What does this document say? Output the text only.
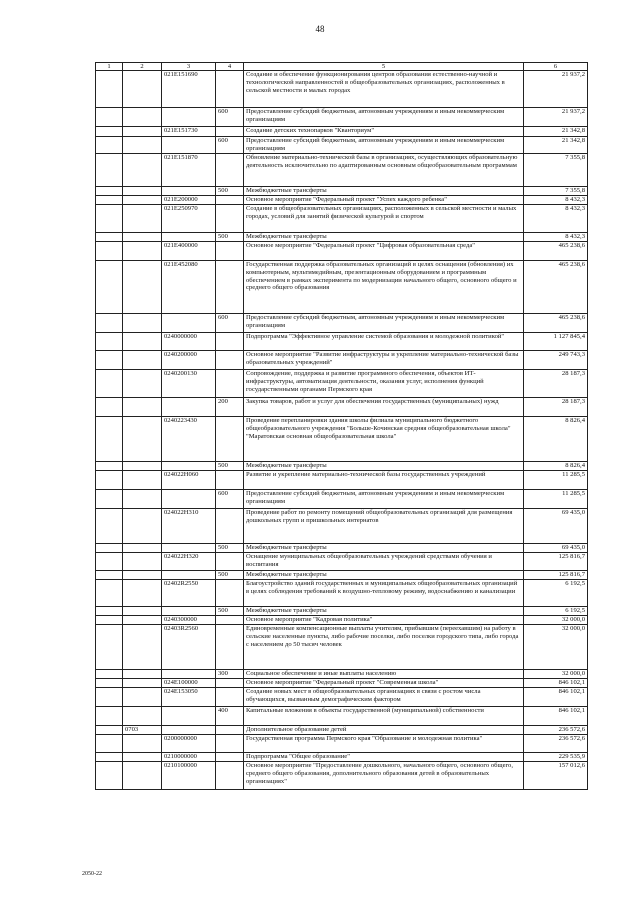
48
1	2	3	4	5	6
		021E151690		Создание и обеспечение функционирования центров образования естественно-научной и технологической направленностей в общеобразовательных организациях, расположенных в сельской местности и малых городах	21 937,2
			600	Предоставление субсидий бюджетным, автономным учреждениям и иным некоммерческим организациям	21 937,2
		021E151730		Создание детских технопарков "Кванториум"	21 342,8
			600	Предоставление субсидий бюджетным, автономным учреждениям и иным некоммерческим организациям	21 342,8
		021E151870		Обновление материально-технической базы в организациях, осуществляющих образовательную деятельность исключительно по адаптированным основным общеобразовательным программам	7 355,8
			500	Межбюджетные трансферты	7 355,8
		021E200000		Основное мероприятие "Федеральный проект "Успех каждого ребенка"	8 432,3
		021E250970		Создание в общеобразовательных организациях, расположенных в сельской местности и малых городах, условий для занятий физической культурой и спортом	8 432,3
			500	Межбюджетные трансферты	8 432,3
		021E400000		Основное мероприятие "Федеральный проект "Цифровая образовательная среда"	465 238,6
		021E452080		Государственная поддержка образовательных организаций в целях оснащения (обновления) их компьютерным, мультимедийным, презентационным оборудованием и программным обеспечением в рамках эксперимента по модернизации начального общего, основного общего и среднего общего образования	465 238,6
			600	Предоставление субсидий бюджетным, автономным учреждениям и иным некоммерческим организациям	465 238,6
		0240000000		Подпрограмма "Эффективное управление системой образования и молодежной политикой"	1 127 845,4
		0240200000		Основное мероприятие "Развитие инфраструктуры и укрепление материально-технической базы образовательных учреждений"	249 743,3
		0240200130		Сопровождение, поддержка и развитие программного обеспечения, объектов ИТ-инфраструктуры, автоматизация деятельности, оказания услуг, исполнения функций государственными органами Пермского края	28 187,3
			200	Закупка товаров, работ и услуг для обеспечения государственных (муниципальных) нужд	28 187,3
		0240223430		Проведение перепланировки здания школы филиала муниципального бюджетного общеобразовательного учреждения "Больше-Кочинская средняя общеобразовательная школа" "Маратовская основная общеобразовательная школа"	8 826,4
			500	Межбюджетные трансферты	8 826,4
		024022Н060		Развитие и укрепление материально-технической базы государственных учреждений	11 285,5
			600	Предоставление субсидий бюджетным, автономным учреждениям и иным некоммерческим организациям	11 285,5
		024022Н310		Проведение работ по ремонту помещений общеобразовательных организаций для размещения дошкольных групп и пришкольных интернатов	69 435,0
			500	Межбюджетные трансферты	69 435,0
		024022Н320		Оснащение муниципальных общеобразовательных учреждений средствами обучения и воспитания	125 816,7
			500	Межбюджетные трансферты	125 816,7
		02402R2550		Благоустройство зданий государственных и муниципальных общеобразовательных организаций в целях соблюдения требований к воздушно-тепловому режиму, водоснабжению и канализации	6 192,5
			500	Межбюджетные трансферты	6 192,5
		0240300000		Основное мероприятие "Кадровая политика"	32 000,0
		02403R2560		Единовременные компенсационные выплаты учителям, прибывшим (переехавшим) на работу в сельские населенные пункты, либо рабочие поселки, либо поселки городского типа, либо города с населением до 50 тысяч человек	32 000,0
			300	Социальное обеспечение и иные выплаты населению	32 000,0
		024E100000		Основное мероприятие "Федеральный проект "Современная школа"	846 102,1
		024E153050		Создание новых мест в общеобразовательных организациях в связи с ростом числа обучающихся, вызванным демографическим фактором	846 102,1
			400	Капитальные вложения в объекты государственной (муниципальной) собственности	846 102,1
	0703			Дополнительное образование детей	236 572,6
		0200000000		Государственная программа Пермского края "Образование и молодежная политика"	236 572,6
		0210000000		Подпрограмма "Общее образование"	229 535,9
		0210100000		Основное мероприятие "Предоставление дошкольного, начального общего, основного общего, среднего общего образования, дополнительного образования детей в образовательных организациях"	157 012,6
2050-22
